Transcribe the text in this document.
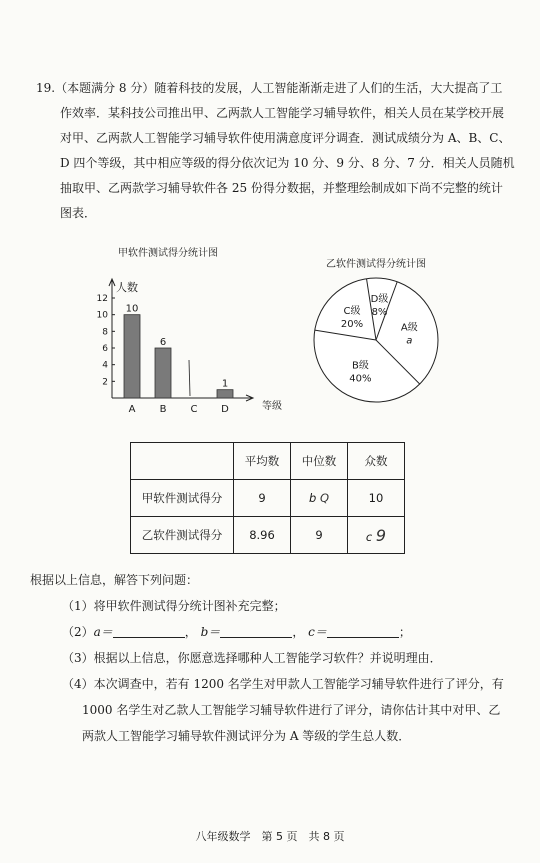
19.（本题满分 8 分）随着科技的发展，人工智能渐渐走进了人们的生活，大大提高了工
作效率．某科技公司推出甲、乙两款人工智能学习辅导软件，相关人员在某学校开展
对甲、乙两款人工智能学习辅导软件使用满意度评分调查．测试成绩分为 A、B、C、
D 四个等级，其中相应等级的得分依次记为 10 分、9 分、8 分、7 分．相关人员随机
抽取甲、乙两款学习辅导软件各 25 份得分数据，并整理绘制成如下尚不完整的统计
图表．
甲软件测试得分统计图
人数
等级
2
4
6
8
10
12
10
A
6
B C
1
D
乙软件测试得分统计图
A级
a
B级
40%
C级
20%
D级
8%
	平均数	中位数	众数
甲软件测试得分	9	b Q	10
乙软件测试得分	8.96	9	c 9
根据以上信息，解答下列问题：
（1）将甲软件测试得分统计图补充完整；
（2）a＝	， b＝	， c＝	；
（3）根据以上信息，你愿意选择哪种人工智能学习软件？并说明理由．
（4）本次调查中，若有 1200 名学生对甲款人工智能学习辅导软件进行了评分，有
1000 名学生对乙款人工智能学习辅导软件进行了评分，请你估计其中对甲、乙
两款人工智能学习辅导软件测试评分为 A 等级的学生总人数．
八年级数学　第 5 页　共 8 页
